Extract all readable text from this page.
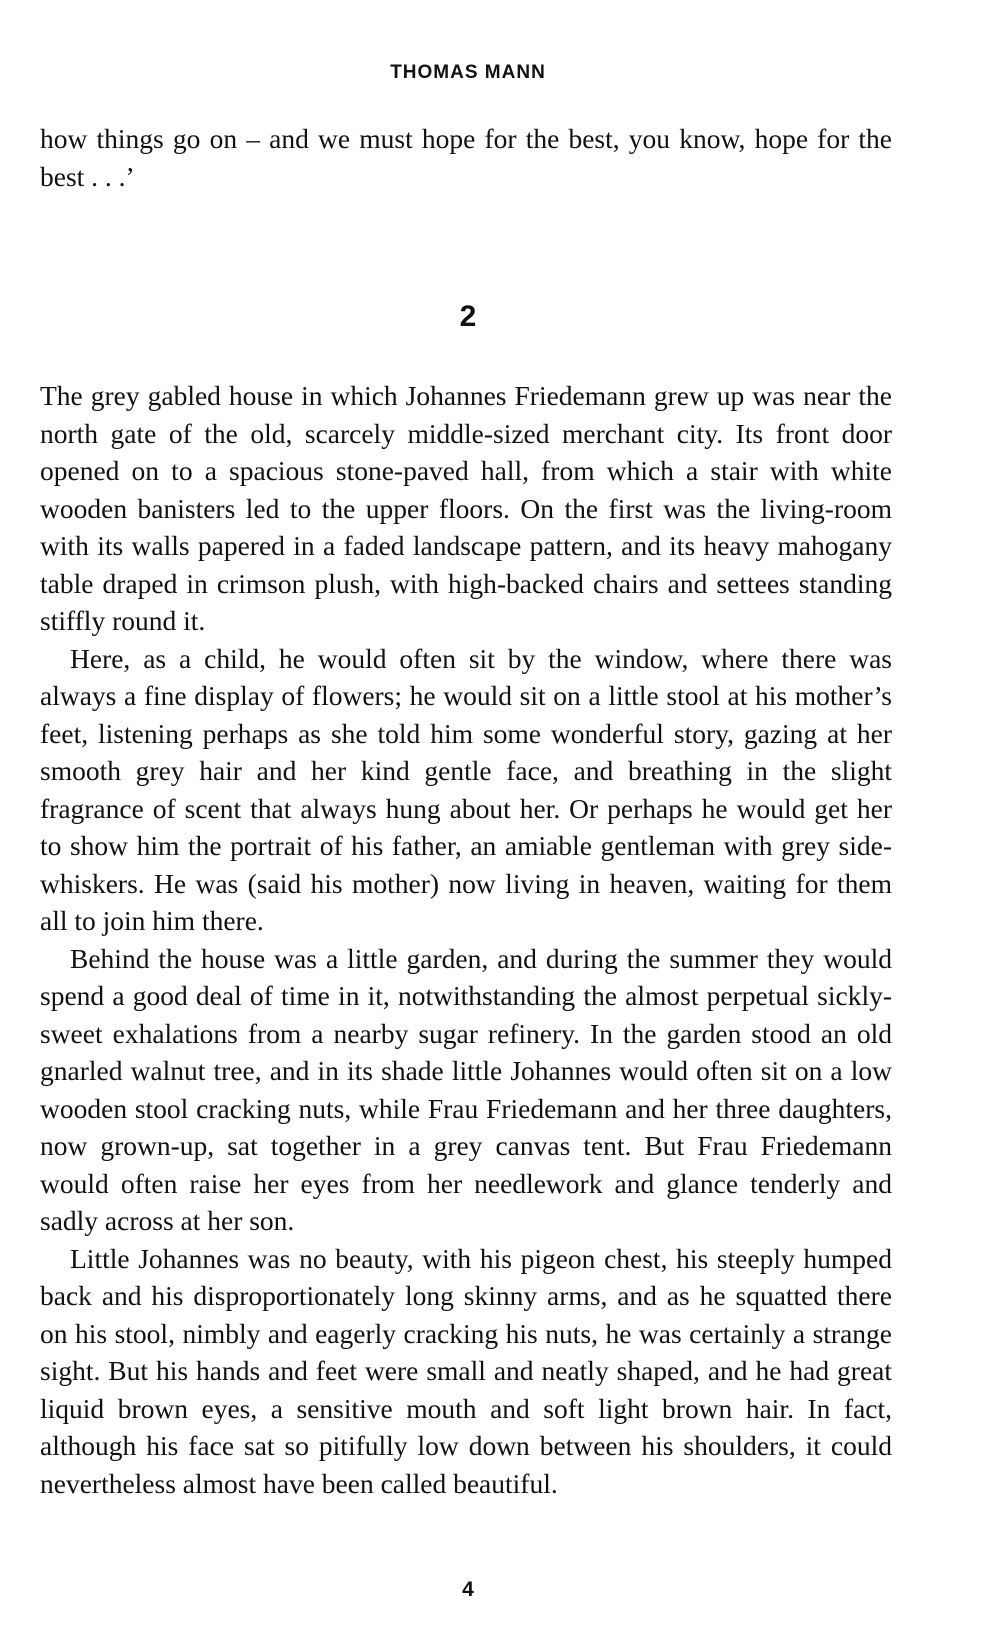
THOMAS MANN

how things go on – and we must hope for the best, you know, hope for the best . . .’

2

The grey gabled house in which Johannes Friedemann grew up was near the north gate of the old, scarcely middle-sized merchant city. Its front door opened on to a spacious stone-paved hall, from which a stair with white wooden banisters led to the upper floors. On the first was the living-room with its walls papered in a faded landscape pattern, and its heavy mahogany table draped in crimson plush, with high-backed chairs and settees standing stiffly round it.

Here, as a child, he would often sit by the window, where there was always a fine display of flowers; he would sit on a little stool at his mother’s feet, listening perhaps as she told him some wonderful story, gazing at her smooth grey hair and her kind gentle face, and breathing in the slight fragrance of scent that always hung about her. Or perhaps he would get her to show him the portrait of his father, an amiable gentleman with grey side-whiskers. He was (said his mother) now living in heaven, waiting for them all to join him there.

Behind the house was a little garden, and during the summer they would spend a good deal of time in it, notwithstanding the almost perpetual sickly-sweet exhalations from a nearby sugar refinery. In the garden stood an old gnarled walnut tree, and in its shade little Johannes would often sit on a low wooden stool cracking nuts, while Frau Friedemann and her three daughters, now grown-up, sat together in a grey canvas tent. But Frau Friedemann would often raise her eyes from her needlework and glance tenderly and sadly across at her son.

Little Johannes was no beauty, with his pigeon chest, his steeply humped back and his disproportionately long skinny arms, and as he squatted there on his stool, nimbly and eagerly cracking his nuts, he was certainly a strange sight. But his hands and feet were small and neatly shaped, and he had great liquid brown eyes, a sensitive mouth and soft light brown hair. In fact, although his face sat so pitifully low down between his shoulders, it could nevertheless almost have been called beautiful.

4
